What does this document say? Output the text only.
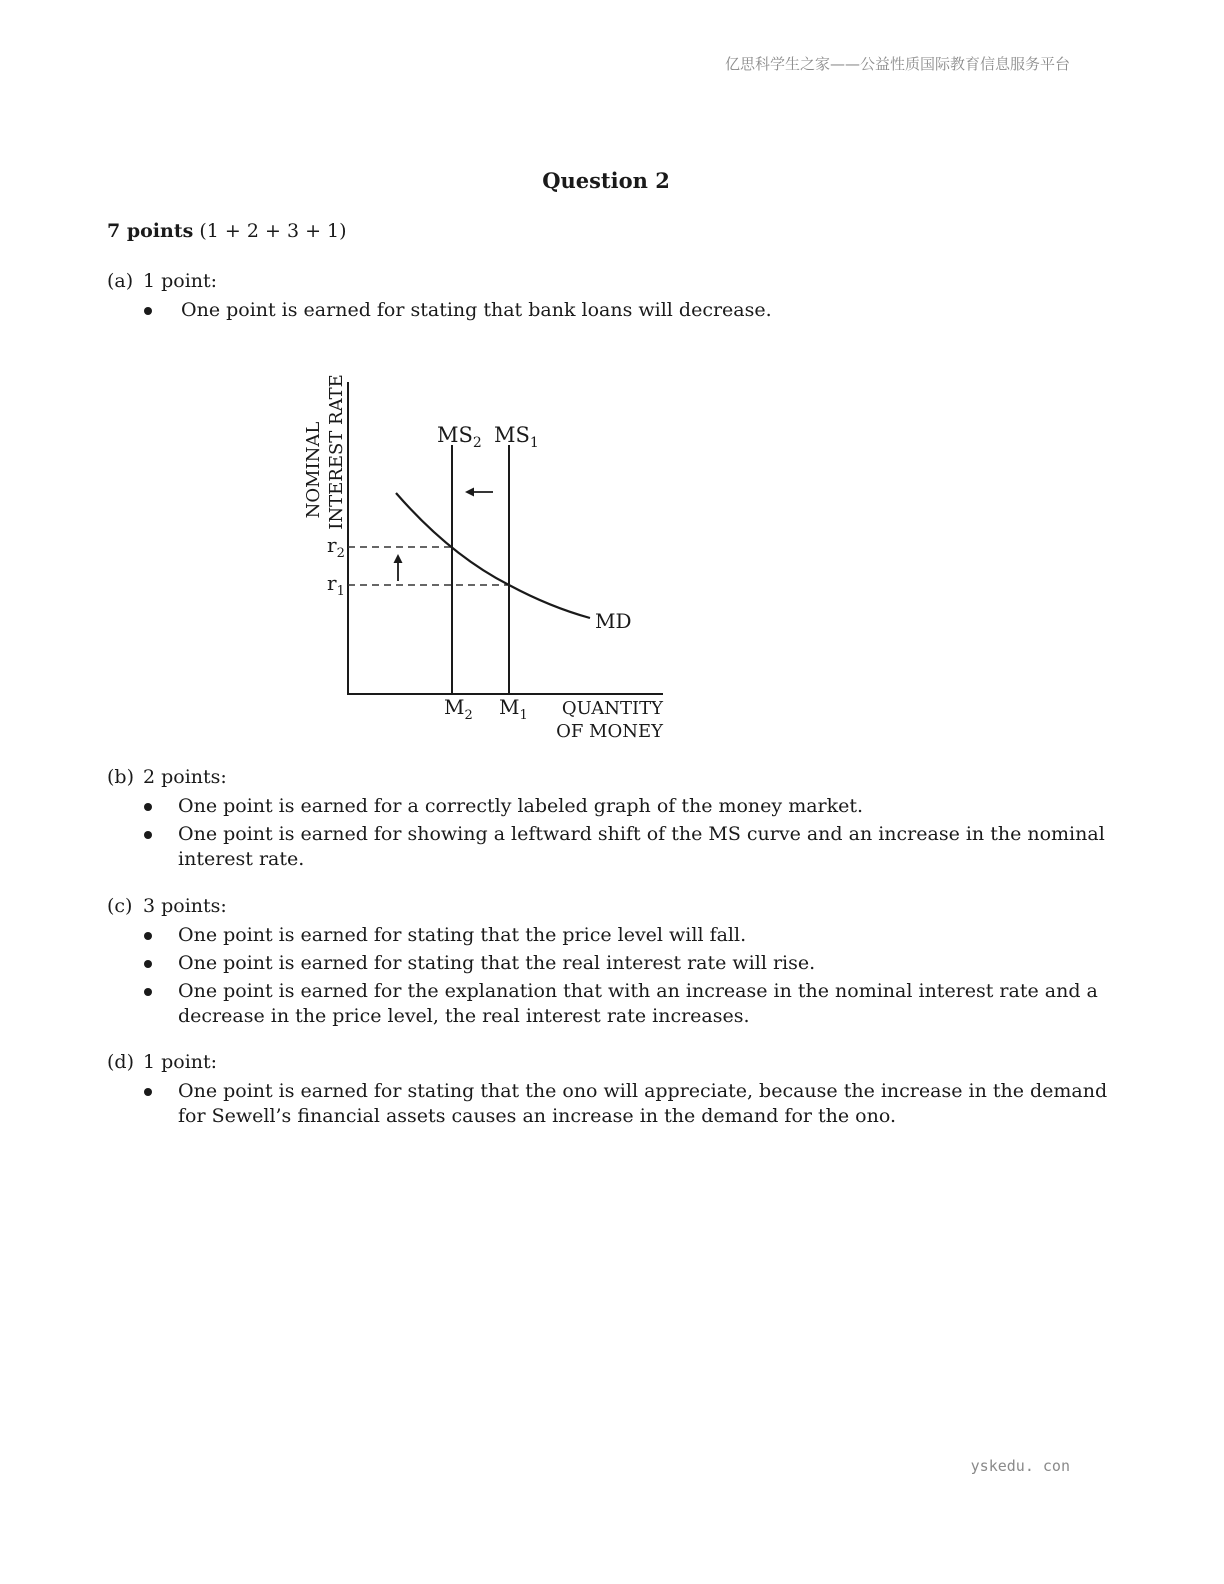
亿思科学生之家——公益性质国际教育信息服务平台
Question 2
7 points (1 + 2 + 3 + 1)
(a) 1 point:
One point is earned for stating that bank loans will decrease.
NOMINAL INTEREST RATE	$MS_2$ $MS_1$
MD
$r_2$
$r_1$
$M_2$ $M_1$ QUANTITY
OF MONEY
(b) 2 points:
One point is earned for a correctly labeled graph of the money market.
One point is earned for showing a leftward shift of the MS curve and an increase in the nominal interest rate.
(c) 3 points:
One point is earned for stating that the price level will fall.
One point is earned for stating that the real interest rate will rise.
One point is earned for the explanation that with an increase in the nominal interest rate and a decrease in the price level, the real interest rate increases.
(d) 1 point:
One point is earned for stating that the ono will appreciate, because the increase in the demand for Sewell’s financial assets causes an increase in the demand for the ono.
yskedu. con
